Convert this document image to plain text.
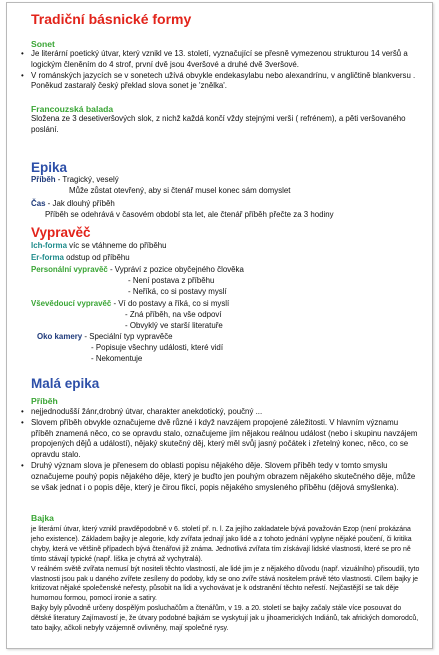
Tradiční básnické formy
Sonet
• Je literární poetický útvar, který vznikl ve 13. století, vyznačující se přesně vymezenou strukturou 14 veršů a logickým členěním do 4 strof, první dvě jsou 4veršové a druhé dvě 3veršové.
• V románských jazycích se v sonetech užívá obvykle endekasylabu nebo alexandrínu, v angličtině blankversu . Poněkud zastaralý český překlad slova sonet je 'znělka'.
Francouzská balada
Složena ze 3 desetiveršových slok, z nichž každá končí vždy stejnými verši ( refrénem), a pěti veršovaného poslání.
Epika
Příběh - Tragický, veselý
Může zůstat otevřený, aby si čtenář musel konec sám domyslet
Čas - Jak dlouhý příběh
Příběh se odehrává v časovém období sta let, ale čtenář příběh přečte za 3 hodiny
Vypravěč
Ich-forma víc se vtáhneme do příběhu
Er-forma odstup od příběhu
Personální vypravěč - Vypráví z pozice obyčejného člověka
- Není postava z příběhu
- Neříká, co si postavy myslí
Vševědoucí vypravěč - Ví do postavy a říká, co si myslí
- Zná příběh, na vše odpoví
- Obvyklý ve starší literatuře
Oko kamery - Speciální typ vypravěče
- Popisuje všechny události, které vidí
- Nekomentuje
Malá epika
Příběh
• nejjednodušší žánr,drobný útvar, charakter anekdotický, poučný ...
• Slovem příběh obvykle označujeme dvě různé i když navzájem propojené záležitosti. V hlavním významu příběh znamená něco, co se opravdu stalo, označujeme jím nějakou reálnou událost (nebo i skupinu navzájem propojených dějů a událostí), nějaký skutečný děj, který měl svůj jasný počátek i zřetelný konec, něco, co se opravdu stalo.
• Druhý význam slova je přenesem do oblasti popisu nějakého děje. Slovem příběh tedy v tomto smyslu označujeme pouhý popis nějakého děje, který je buďto jen pouhým obrazem nějakého skutečného děje, může se však jednat i o popis děje, který je čirou fikcí, popis nějakého smysleného příběhu (dějová smyšlenka).
Bajka
je literární útvar, který vznikl pravděpodobně v 6. století př. n. l. Za jejího zakladatele bývá považován Ezop (není prokázána jeho existence). Základem bajky je alegorie, kdy zvířata jednají jako lidé a z tohoto jednání vyplyne nějaké poučení, či kritika chyby, která ve většině případech bývá čtenářovi již známa. Jednotlivá zvířata tím získávají lidské vlastnosti, které se pro ně tímto stávají typické (např. liška je chytrá až vychytralá).
V reálném světě zvířata nemusí být nositeli těchto vlastností, ale lidé jim je z nějakého důvodu (např. vizuálního) přisoudili, tyto vlastnosti jsou pak u daného zvířete zesíleny do podoby, kdy se ono zvíře stává nositelem právě této vlastnosti. Cílem bajky je kritizovat nějaké společenské neřesty, působit na lidi a vychovávat je k odstranění těchto neřestí. Nejčastější se tak děje humornou formou, pomocí ironie a satiry.
Bajky byly původně určeny dospělým posluchačům a čtenářům, v 19. a 20. století se bajky začaly stále více posouvat do dětské literatury Zajímavostí je, že útvary podobné bajkám se vyskytují jak u jihoamerických Indiánů, tak afrických domorodců, tato bajky, ačkoli nebyly vzájemně ovlivněny, mají společné rysy.
